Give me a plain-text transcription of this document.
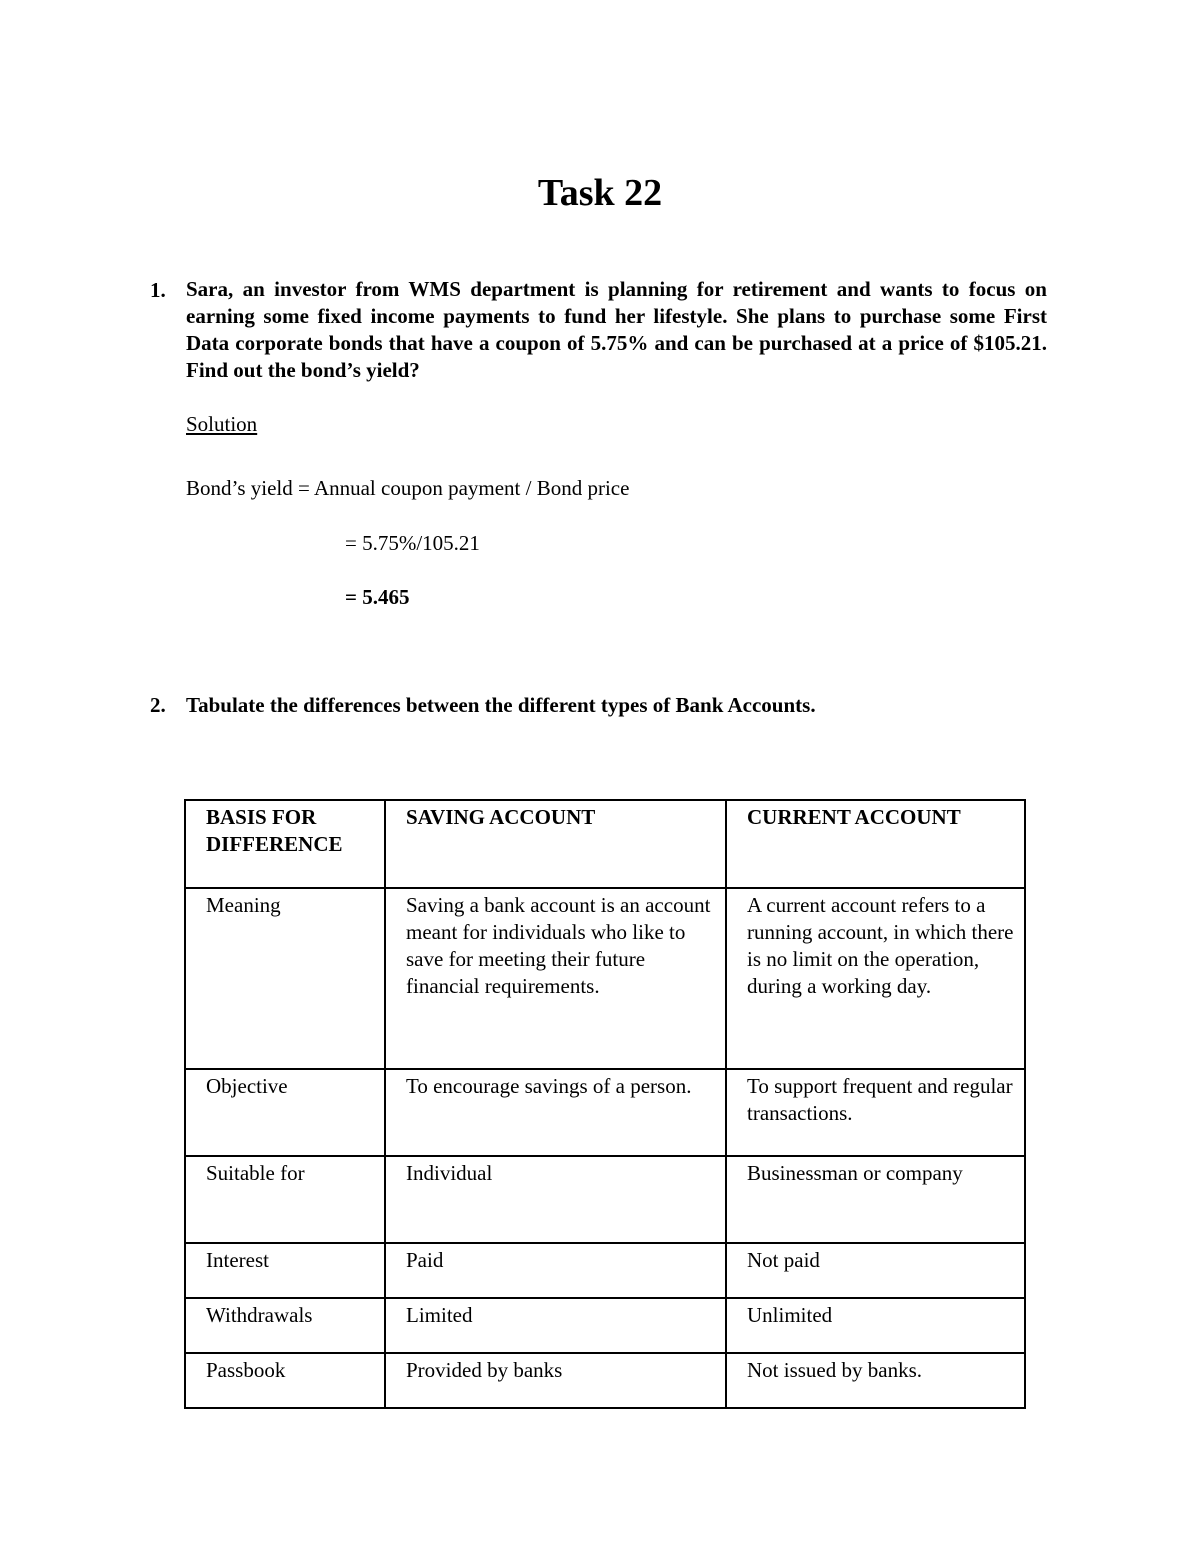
Task 22
1. Sara, an investor from WMS department is planning for retirement and wants to focus on earning some fixed income payments to fund her lifestyle. She plans to purchase some First Data corporate bonds that have a coupon of 5.75% and can be purchased at a price of $105.21. Find out the bond’s yield?

Solution
Bond’s yield = Annual coupon payment / Bond price
= 5.75%/105.21
= 5.465
2. Tabulate the differences between the different types of Bank Accounts.
BASIS FOR DIFFERENCE	SAVING ACCOUNT	CURRENT ACCOUNT
Meaning	Saving a bank account is an account meant for individuals who like to save for meeting their future financial requirements.	A current account refers to a running account, in which there is no limit on the operation, during a working day.
Objective	To encourage savings of a person.	To support frequent and regular transactions.
Suitable for	Individual	Businessman or company
Interest	Paid	Not paid
Withdrawals	Limited	Unlimited
Passbook	Provided by banks	Not issued by banks.
